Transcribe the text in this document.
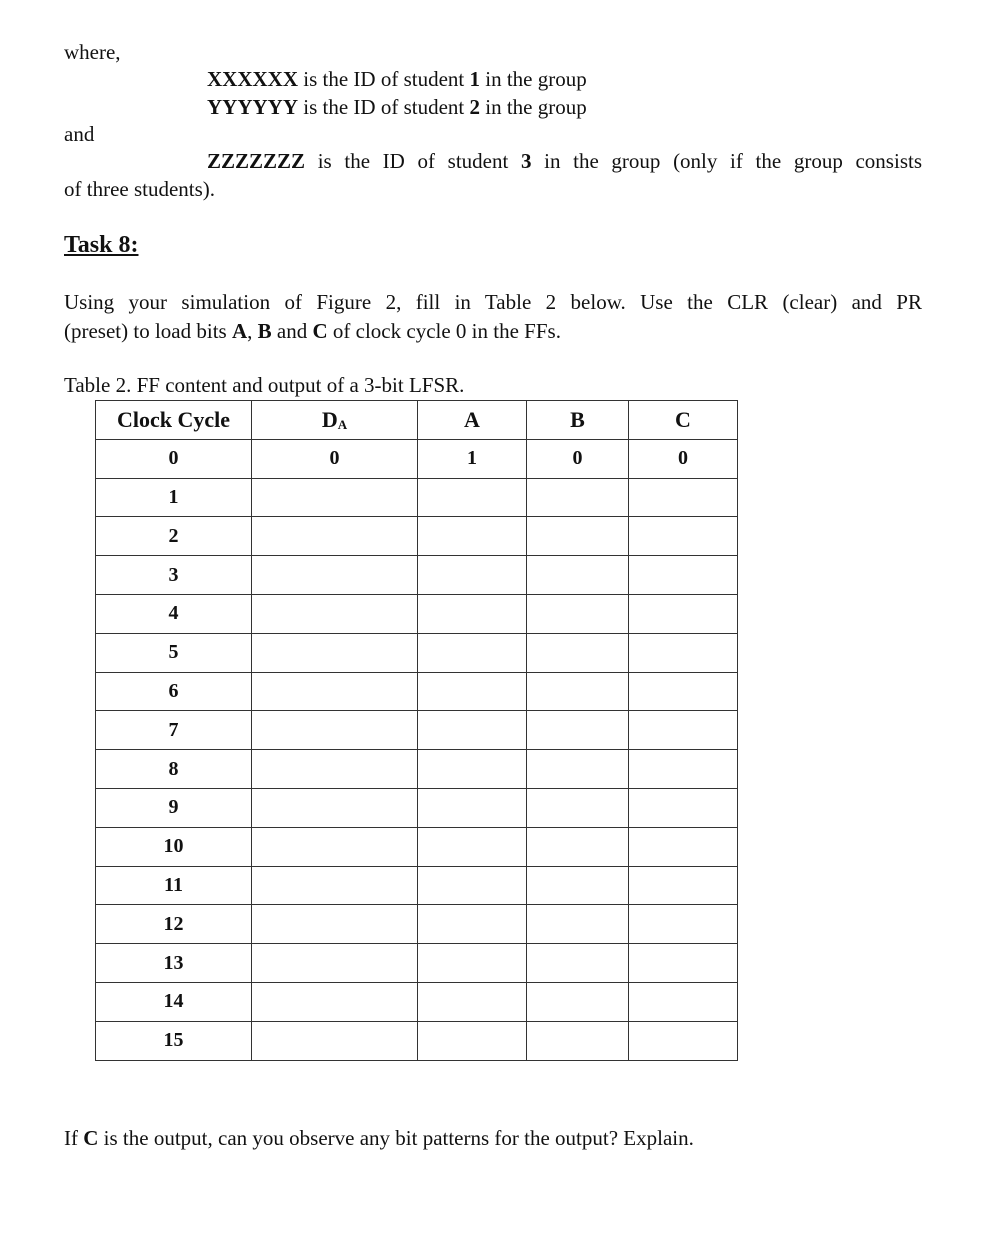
where,
XXXXXX is the ID of student 1 in the group
YYYYYY is the ID of student 2 in the group
and
ZZZZZZZ is the ID of student 3 in the group (only if the group consists
of three students).
Task 8:
Using your simulation of Figure 2, fill in Table 2 below. Use the CLR (clear) and PR
(preset) to load bits A, B and C of clock cycle 0 in the FFs.
Table 2. FF content and output of a 3-bit LFSR.
Clock Cycle	$D_A$	A	B	C
0	0	1	0	0
1				
2				
3				
4				
5				
6				
7				
8				
9				
10				
11				
12				
13				
14				
15				
If C is the output, can you observe any bit patterns for the output? Explain.
